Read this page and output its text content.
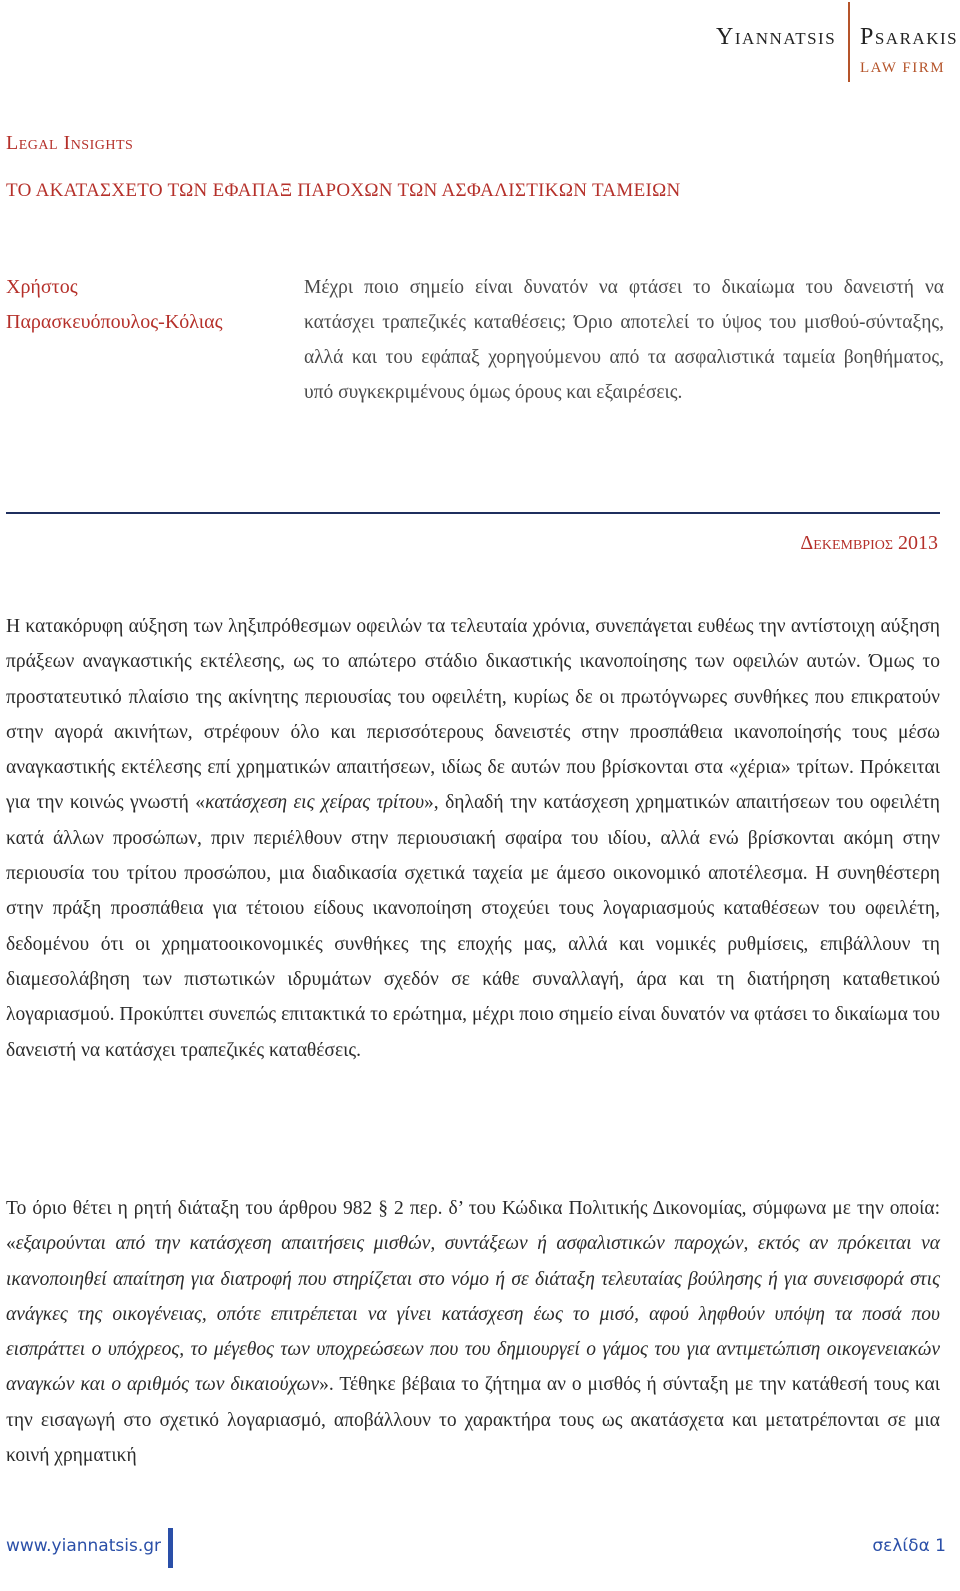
Yiannatsis Psarakis
LAW FIRM
Legal Insights
ΤΟ ΑΚΑΤΑΣΧΕΤΟ ΤΩΝ ΕΦΑΠΑΞ ΠΑΡΟΧΩΝ ΤΩΝ ΑΣΦΑΛΙΣΤΙΚΩΝ ΤΑΜΕΙΩΝ
Χρήστος
Παρασκευόπουλος-Κόλιας
Μέχρι ποιο σημείο είναι δυνατόν να φτάσει το δικαίωμα του δανειστή να κατάσχει τραπεζικές καταθέσεις; Όριο αποτελεί το ύψος του μισθού-σύνταξης, αλλά και του εφάπαξ χορηγούμενου από τα ασφαλιστικά ταμεία βοηθήματος, υπό συγκεκριμένους όμως όρους και εξαιρέσεις.
Δεκεμβριος 2013
Η κατακόρυφη αύξηση των ληξιπρόθεσμων οφειλών τα τελευταία χρόνια, συνεπάγεται ευθέως την αντίστοιχη αύξηση πράξεων αναγκαστικής εκτέλεσης, ως το απώτερο στάδιο δικαστικής ικανοποίησης των οφειλών αυτών. Όμως το προστατευτικό πλαίσιο της ακίνητης περιουσίας του οφειλέτη, κυρίως δε οι πρωτόγνωρες συνθήκες που επικρατούν στην αγορά ακινήτων, στρέφουν όλο και περισσότερους δανειστές στην προσπάθεια ικανοποίησής τους μέσω αναγκαστικής εκτέλεσης επί χρηματικών απαιτήσεων, ιδίως δε αυτών που βρίσκονται στα «χέρια» τρίτων. Πρόκειται για την κοινώς γνωστή «κατάσχεση εις χείρας τρίτου», δηλαδή την κατάσχεση χρηματικών απαιτήσεων του οφειλέτη κατά άλλων προσώπων, πριν περιέλθουν στην περιουσιακή σφαίρα του ιδίου, αλλά ενώ βρίσκονται ακόμη στην περιουσία του τρίτου προσώπου, μια διαδικασία σχετικά ταχεία με άμεσο οικονομικό αποτέλεσμα. Η συνηθέστερη στην πράξη προσπάθεια για τέτοιου είδους ικανοποίηση στοχεύει τους λογαριασμούς καταθέσεων του οφειλέτη, δεδομένου ότι οι χρηματοοικονομικές συνθήκες της εποχής μας, αλλά και νομικές ρυθμίσεις, επιβάλλουν τη διαμεσολάβηση των πιστωτικών ιδρυμάτων σχεδόν σε κάθε συναλλαγή, άρα και τη διατήρηση καταθετικού λογαριασμού. Προκύπτει συνεπώς επιτακτικά το ερώτημα, μέχρι ποιο σημείο είναι δυνατόν να φτάσει το δικαίωμα του δανειστή να κατάσχει τραπεζικές καταθέσεις.
Το όριο θέτει η ρητή διάταξη του άρθρου 982 § 2 περ. δ’ του Κώδικα Πολιτικής Δικονομίας, σύμφωνα με την οποία: «εξαιρούνται από την κατάσχεση απαιτήσεις μισθών, συντάξεων ή ασφαλιστικών παροχών, εκτός αν πρόκειται να ικανοποιηθεί απαίτηση για διατροφή που στηρίζεται στο νόμο ή σε διάταξη τελευταίας βούλησης ή για συνεισφορά στις ανάγκες της οικογένειας, οπότε επιτρέπεται να γίνει κατάσχεση έως το μισό, αφού ληφθούν υπόψη τα ποσά που εισπράττει ο υπόχρεος, το μέγεθος των υποχρεώσεων που του δημιουργεί ο γάμος του για αντιμετώπιση οικογενειακών αναγκών και ο αριθμός των δικαιούχων». Τέθηκε βέβαια το ζήτημα αν ο μισθός ή σύνταξη με την κατάθεσή τους και την εισαγωγή στο σχετικό λογαριασμό, αποβάλλουν το χαρακτήρα τους ως ακατάσχετα και μετατρέπονται σε μια κοινή χρηματική
www.yiannatsis.gr	σελίδα 1
